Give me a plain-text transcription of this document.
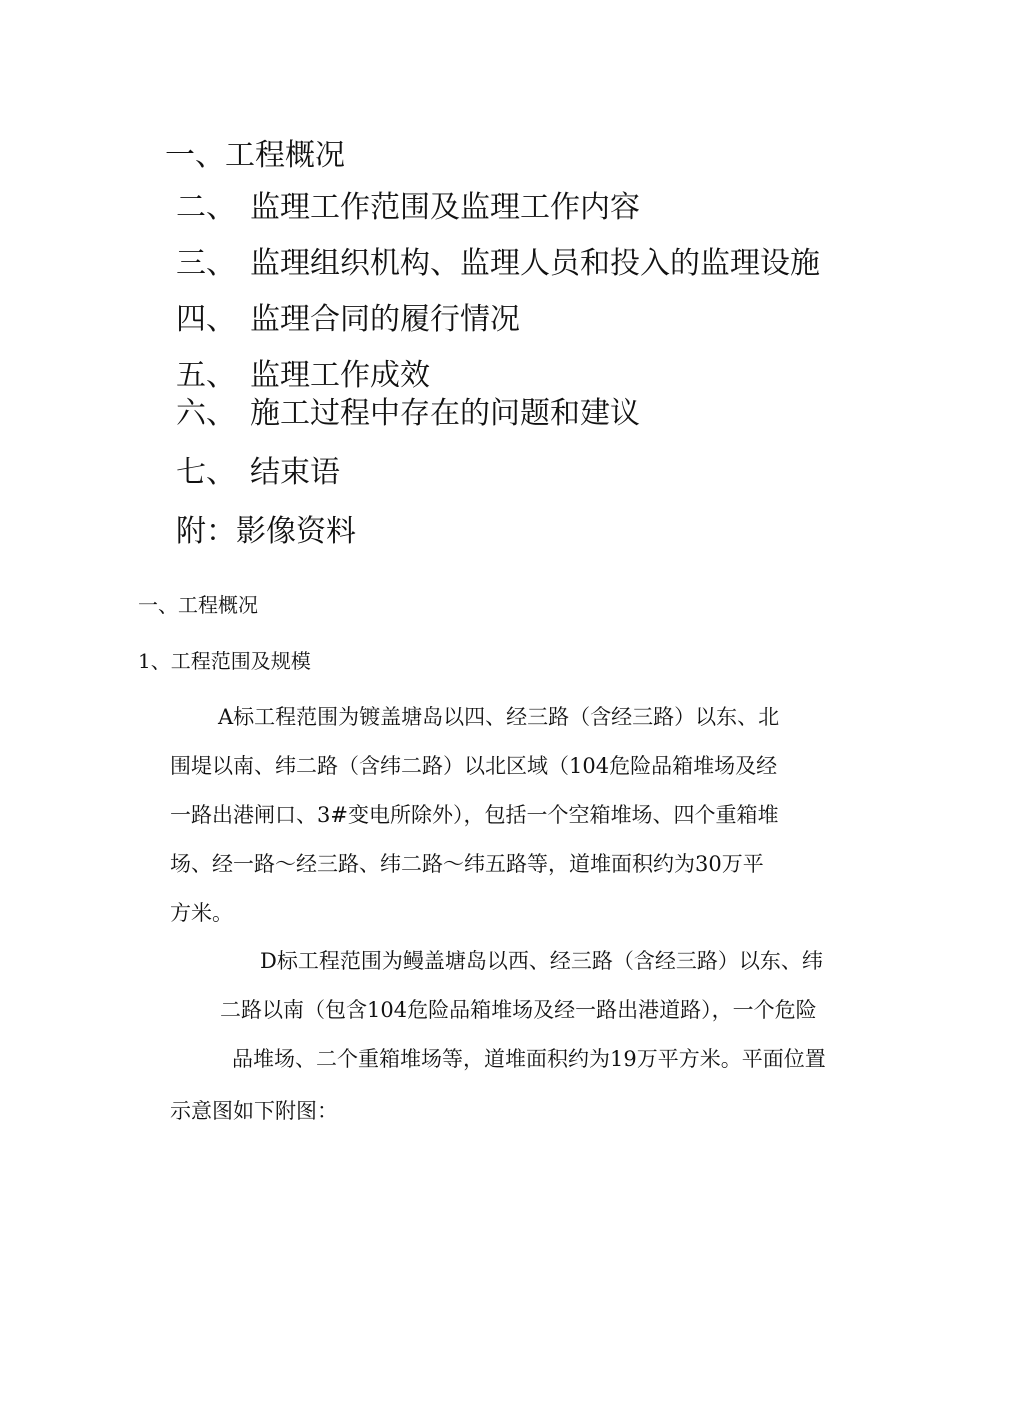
一、工程概况
二、 监理工作范围及监理工作内容
三、 监理组织机构、监理人员和投入的监理设施
四、 监理合同的履行情况
五、 监理工作成效
六、 施工过程中存在的问题和建议
七、 结束语
附：影像资料
一、工程概况
1、工程范围及规模
A标工程范围为镀盖塘岛以四、经三路（含经三路）以东、北
围堤以南、纬二路（含纬二路）以北区域（104危险品箱堆场及经
一路出港闸口、3#变电所除外），包括一个空箱堆场、四个重箱堆
场、经一路～经三路、纬二路～纬五路等，道堆面积约为30万平
方米。
D标工程范围为鳗盖塘岛以西、经三路（含经三路）以东、纬
二路以南（包含104危险品箱堆场及经一路出港道路），一个危险
品堆场、二个重箱堆场等，道堆面积约为19万平方米。平面位置
示意图如下附图：
